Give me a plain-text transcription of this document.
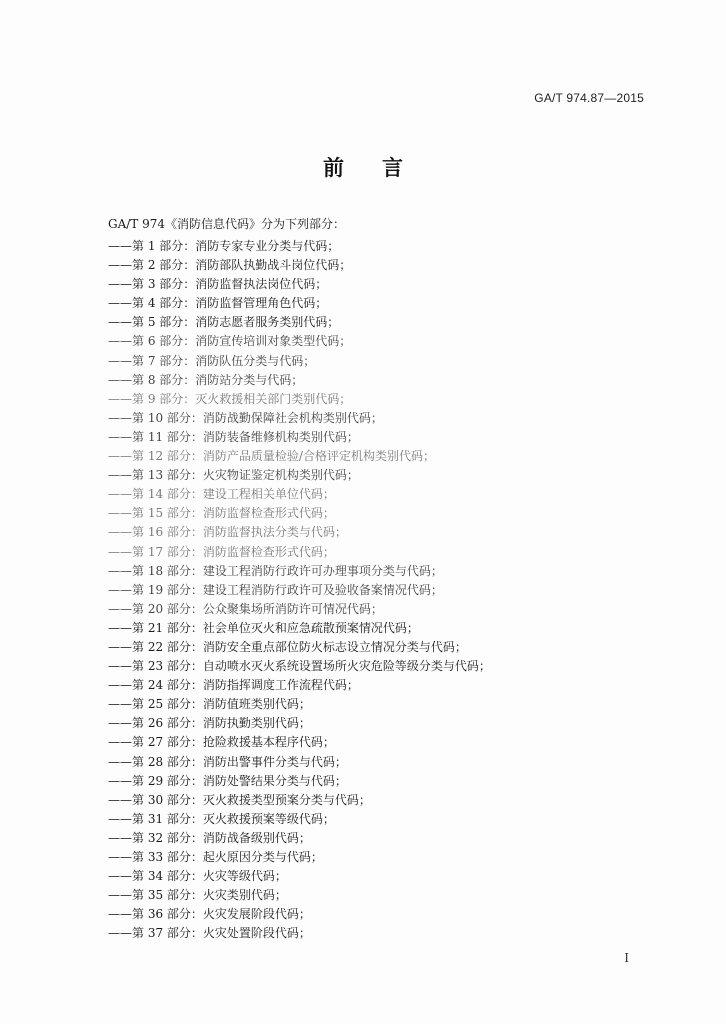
GA/T 974.87—2015
前言
GA/T 974《消防信息代码》分为下列部分：
——第 1 部分：消防专家专业分类与代码；
——第 2 部分：消防部队执勤战斗岗位代码；
——第 3 部分：消防监督执法岗位代码；
——第 4 部分：消防监督管理角色代码；
——第 5 部分：消防志愿者服务类别代码；
——第 6 部分：消防宣传培训对象类型代码；
——第 7 部分：消防队伍分类与代码；
——第 8 部分：消防站分类与代码；
——第 9 部分：灭火救援相关部门类别代码；
——第 10 部分：消防战勤保障社会机构类别代码；
——第 11 部分：消防装备维修机构类别代码；
——第 12 部分：消防产品质量检验/合格评定机构类别代码；
——第 13 部分：火灾物证鉴定机构类别代码；
——第 14 部分：建设工程相关单位代码；
——第 15 部分：消防监督检查形式代码；
——第 16 部分：消防监督执法分类与代码；
——第 17 部分：消防监督检查形式代码；
——第 18 部分：建设工程消防行政许可办理事项分类与代码；
——第 19 部分：建设工程消防行政许可及验收备案情况代码；
——第 20 部分：公众聚集场所消防许可情况代码；
——第 21 部分：社会单位灭火和应急疏散预案情况代码；
——第 22 部分：消防安全重点部位防火标志设立情况分类与代码；
——第 23 部分：自动喷水灭火系统设置场所火灾危险等级分类与代码；
——第 24 部分：消防指挥调度工作流程代码；
——第 25 部分：消防值班类别代码；
——第 26 部分：消防执勤类别代码；
——第 27 部分：抢险救援基本程序代码；
——第 28 部分：消防出警事件分类与代码；
——第 29 部分：消防处警结果分类与代码；
——第 30 部分：灭火救援类型预案分类与代码；
——第 31 部分：灭火救援预案等级代码；
——第 32 部分：消防战备级别代码；
——第 33 部分：起火原因分类与代码；
——第 34 部分：火灾等级代码；
——第 35 部分：火灾类别代码；
——第 36 部分：火灾发展阶段代码；
——第 37 部分：火灾处置阶段代码；
I
